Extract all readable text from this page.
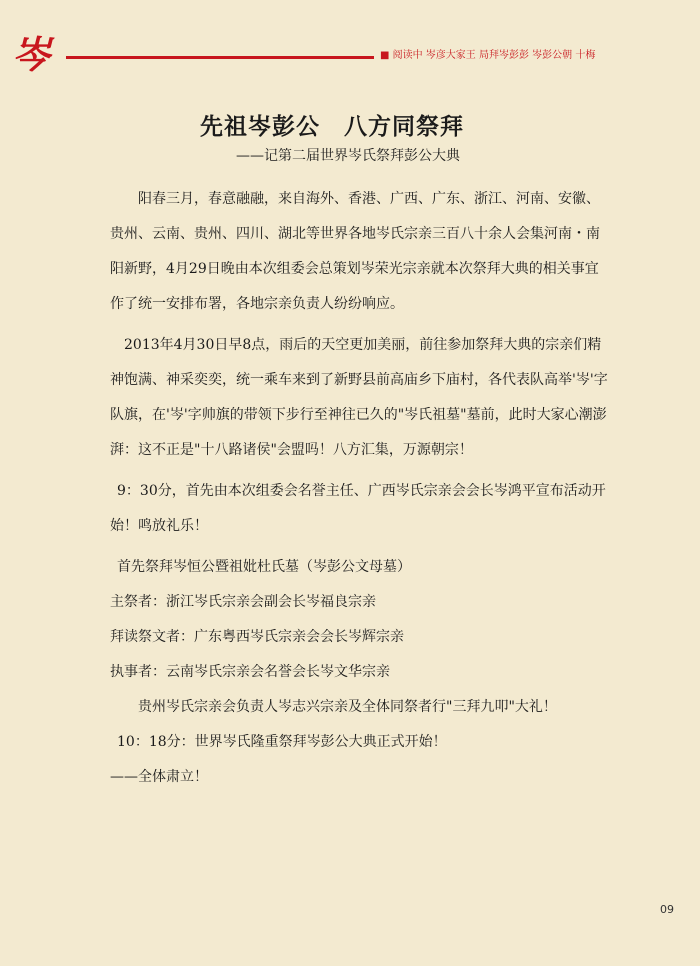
岑	■ 阅读中 岑彦大家王 局拜岑彭彭 岑彭公朝 十梅
先祖岑彭公　八方同祭拜
——记第二届世界岑氏祭拜彭公大典

阳春三月，春意融融，来自海外、香港、广西、广东、浙江、河南、安徽、贵州、云南、贵州、四川、湖北等世界各地岑氏宗亲三百八十余人会集河南・南阳新野，4月29日晚由本次组委会总策划岑荣光宗亲就本次祭拜大典的相关事宜作了统一安排布署，各地宗亲负责人纷纷响应。

2013年4月30日早8点，雨后的天空更加美丽，前往参加祭拜大典的宗亲们精神饱满、神采奕奕，统一乘车来到了新野县前高庙乡下庙村，各代表队高举'岑'字队旗，在'岑'字帅旗的带领下步行至神往已久的"岑氏祖墓"墓前，此时大家心潮澎湃：这不正是"十八路诸侯"会盟吗！八方汇集，万源朝宗！

9：30分，首先由本次组委会名誉主任、广西岑氏宗亲会会长岑鸿平宣布活动开始！鸣放礼乐！

首先祭拜岑恒公暨祖妣杜氏墓（岑彭公文母墓）

主祭者：浙江岑氏宗亲会副会长岑福良宗亲

拜读祭文者：广东粤西岑氏宗亲会会长岑辉宗亲

执事者：云南岑氏宗亲会名誉会长岑文华宗亲

贵州岑氏宗亲会负责人岑志兴宗亲及全体同祭者行"三拜九叩"大礼！

10：18分：世界岑氏隆重祭拜岑彭公大典正式开始！

——全体肃立！

09
